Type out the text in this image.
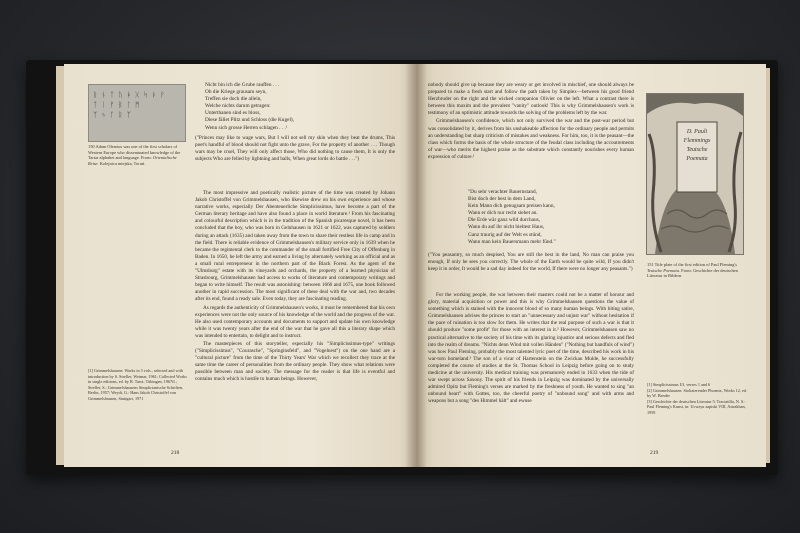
ᚱ ᚾ ᛏ ᚢ ᚼ ᚷ ᛋ ᚦ ᚹ
ᛏ ᛁ ᚠ ᛒ ᛚ ᛗ
ᛉ ᛃ ᚴ ᚱ ᛉ
150 Adam Olearius was one of the first scholars of Western Europe who disseminated knowledge of the Tartar alphabet and language. From: Orientalische Reise. Kolejnica miejska, Toruń.
Nicht bin ich die Grube rauffen . . .
Ob die Kriege grausam seyn,
Treffen sie doch die allein,
Welche nichts darum getragen:
Unterthanen sind es bloss,
Diese fället Plitz und Schloss (die Kugel),
Wenn sich grosse Herren schlagen . . .¹

("Princes may like to wage wars, But I will not sell my skin when they beat the drums, This poet's handful of blood should not fight unto the grave, For the property of another . . . Though wars may be cruel, They will only affect those, Who did nothing to cause them, It is only the subjects Who are felled by lightning and balls, When great lords do battle . . .")

The most impressive and poetically realistic picture of the time was created by Johann Jakob Christoffel von Grimmelshausen, who likewise drew on his own experience and whose narrative works, especially Der Abenteuerliche Simplicissimus, have become a part of the German literary heritage and have also found a place in world literature.¹ From his fascinating and colourful description which is in the tradition of the Spanish picaresque novel, it has been concluded that the boy, who was born in Gelnhausen in 1621 or 1622, was captured by soldiers during an attack (1635) and taken away from the town to share their restless life in camp and in the field. There is reliable evidence of Grimmelshausen's military service only in 1639 when he became the regimental clerk to the commander of the small fortified Free City of Offenburg in Baden. In 1650, he left the army and earned a living by alternately working as an official and as a small rural entrepreneur in the northern part of the Black Forest. As the agent of the "Ulmsburg" estate with its vineyards and orchards, the property of a learned physician of Strasbourg, Grimmelshausen had access to works of literature and contemporary writings and began to write himself. The result was astonishing: between 1666 and 1675, one book followed another in rapid succession. The most significant of these deal with the war and, two decades after its end, found a ready sale. Even today, they are fascinating reading.

As regards the authenticity of Grimmelshausen's works, it must be remembered that his own experiences were not the only source of his knowledge of the world and the progress of the war. He also used contemporary accounts and documents to support and update his own knowledge while it was twenty years after the end of the war that he gave all this a literary shape which was intended to entertain, to delight and to instruct.

The masterpieces of this storyteller, especially his "Simplicissimus-type" writings ("Simplicissimus", "Courasche", "Springinsfeld", and "Vogelnest") on the one hand are a "cultural picture" from the time of the Thirty Years' War which we recollect they trace at the same time the career of personalities from the ordinary people. They show what relations were possible between man and society. The message for the reader is that life is eventful and contains much which is hostile to human beings. However,

[1] Grimmelshausen: Works in 3 vols., selected and with introduction by S. Streller, Weimar, 1961; Collected Works in single editions, ed. by R. Tarot, Tübingen, 1967ff.; Streller, S.: Grimmelshausens Simplicianische Schriften, Berlin, 1957; Weydt, G.: Hans Jakob Christoffel von Grimmelshausen, Stuttgart, 1971
218

nobody should give up because they are weary or get involved in mischief, one should always be prepared to make a fresh start and follow the path taken by Simplex—between his good friend Herzbruder on the right and the wicked companion Olivier on the left. What a contrast there is between this maxim and the prevalent "vanity" outlook! This is why Grimmelshausen's work is testimony of an optimistic attitude towards the solving of the problems left by the war.

Grimmelshausen's confidence, which not only survived the war and the post-war period but was consolidated by it, derives from his unshakeable affection for the ordinary people and permits an understanding but sharp criticism of mistakes and weakness. For him, too, it is the peasant—the class which forms the basis of the whole structure of the feudal class including the accoutrements of war—who merits the highest praise as the substrate which constantly nourishes every human expression of culture.¹

"Du sehr verachter Bauernstand,
Bist doch der best in dem Land,
Kein Mann dich genugsam preisen kann,
Wann er dich nur recht siehet an.
Die Erde wär ganz wild durchaus,
Wann du auf ihr nicht hieltest Haus,
Ganz traurig auf der Welt es stünd,
Wann man kein Bauersmann mehr fünd."

("You peasantry, so much despised, You are still the best in the land, No man can praise you enough, If only he sees you correctly. The whole of the Earth would be quite wild, If you didn't keep it in order, It would be a sad day indeed for the world, If there were no longer any peasants.")

For the working people, the war between their masters could not be a matter of honour and glory, material acquisition or power and this is why Grimmelshausen questions the value of something which is stained with the innocent blood of so many human beings. With biting satire, Grimmelshausen advises the princes to start an "unnecessary and unjust war" without hesitation if the pace of ruination is too slow for them. He writes that the real purpose of such a war is that it should produce "some profit" for those with an interest in it.² However, Grimmelshausen saw no practical alternative to the society of his time with its glaring injustice and serious defects and fled into the realm of dreams. "Nichts denn Wind mit vollen Händen" ("Nothing but handfuls of wind") was how Paul Fleming, probably the most talented lyric poet of the time, described his work in his war-torn homeland.³ The son of a vicar of Hartenstein on the Zwickau Mulde, he successfully completed the course of studies at the St. Thomas School in Leipzig before going on to study medicine at the university. His medical training was prematurely ended in 1633 when the tide of war swept across Saxony. The spirit of his friends in Leipzig was dominated by the universally admired Opitz but Fleming's verses are marked by the freshness of youth. He wanted to sing "an unbound heart" with Gottes, too, the cheerful poetry of "unbound song" and with arms and weapons but a song "des Himmel hält" and ewuse

D. Pauli
Flemmings
Teutsche
Poemata
151 Title plate of the first edition of Paul Fleming's Teutsche Poemata. From: Geschichte der deutschen Literatur in Bildern.
[1] Simplicissimus I/3, verses 1 and 6
[2] Grimmelshausen: Stoltzierender Phoenix, Works 12, ed. by W. Bender
[3] Geschichte der deutschen Literatur 5; Tractatilla, N. S.: Paul Fleming's Kunst, in: Ucwzyu zapiski VIII, Astrakhan, 1959
219
